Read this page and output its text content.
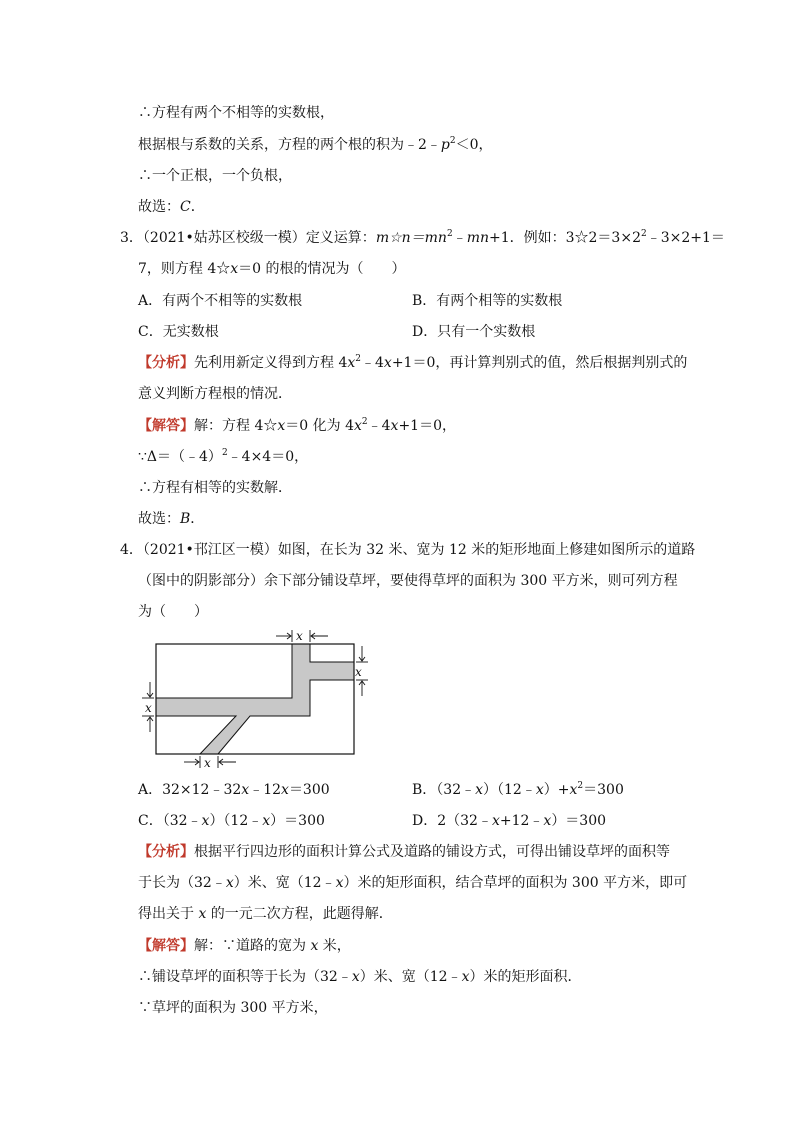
∴方程有两个不相等的实数根，
根据根与系数的关系，方程的两个根的积为$﹣2﹣p^2<0$，
∴一个正根，一个负根，
故选：C．
3．（2021•姑苏区校级一模）定义运算：$m☆n=mn^2﹣mn+1$．例如：$3☆2=3\times 2^2﹣3\times 2+1=$
7，则方程 4☆x＝0 的根的情况为（　　）
A．有两个不相等的实数根	B．有两个相等的实数根
C．无实数根	D．只有一个实数根
【分析】先利用新定义得到方程 $4x^2﹣4x+1=0$，再计算判别式的值，然后根据判别式的
意义判断方程根的情况．
【解答】解：方程 4☆x＝0 化为 $4x^2﹣4x+1=0$，
∵Δ＝（﹣4）$^2$﹣4×4＝0，
∴方程有相等的实数解．
故选：B．
4．（2021•邗江区一模）如图，在长为 32 米、宽为 12 米的矩形地面上修建如图所示的道路
（图中的阴影部分）余下部分铺设草坪，要使得草坪的面积为 300 平方米，则可列方程
为（　　）
x
x
x
x
A．32×12﹣32x﹣12x＝300	B．$(32﹣x)(12﹣x)+x^2=300$
C．（32﹣x）（12﹣x）＝300	D．2（32﹣x+12﹣x）＝300
【分析】根据平行四边形的面积计算公式及道路的铺设方式，可得出铺设草坪的面积等
于长为（32﹣x）米、宽（12﹣x）米的矩形面积，结合草坪的面积为 300 平方米，即可
得出关于 x 的一元二次方程，此题得解．
【解答】解：∵道路的宽为 x 米，
∴铺设草坪的面积等于长为（32﹣x）米、宽（12﹣x）米的矩形面积．
∵草坪的面积为 300 平方米，
